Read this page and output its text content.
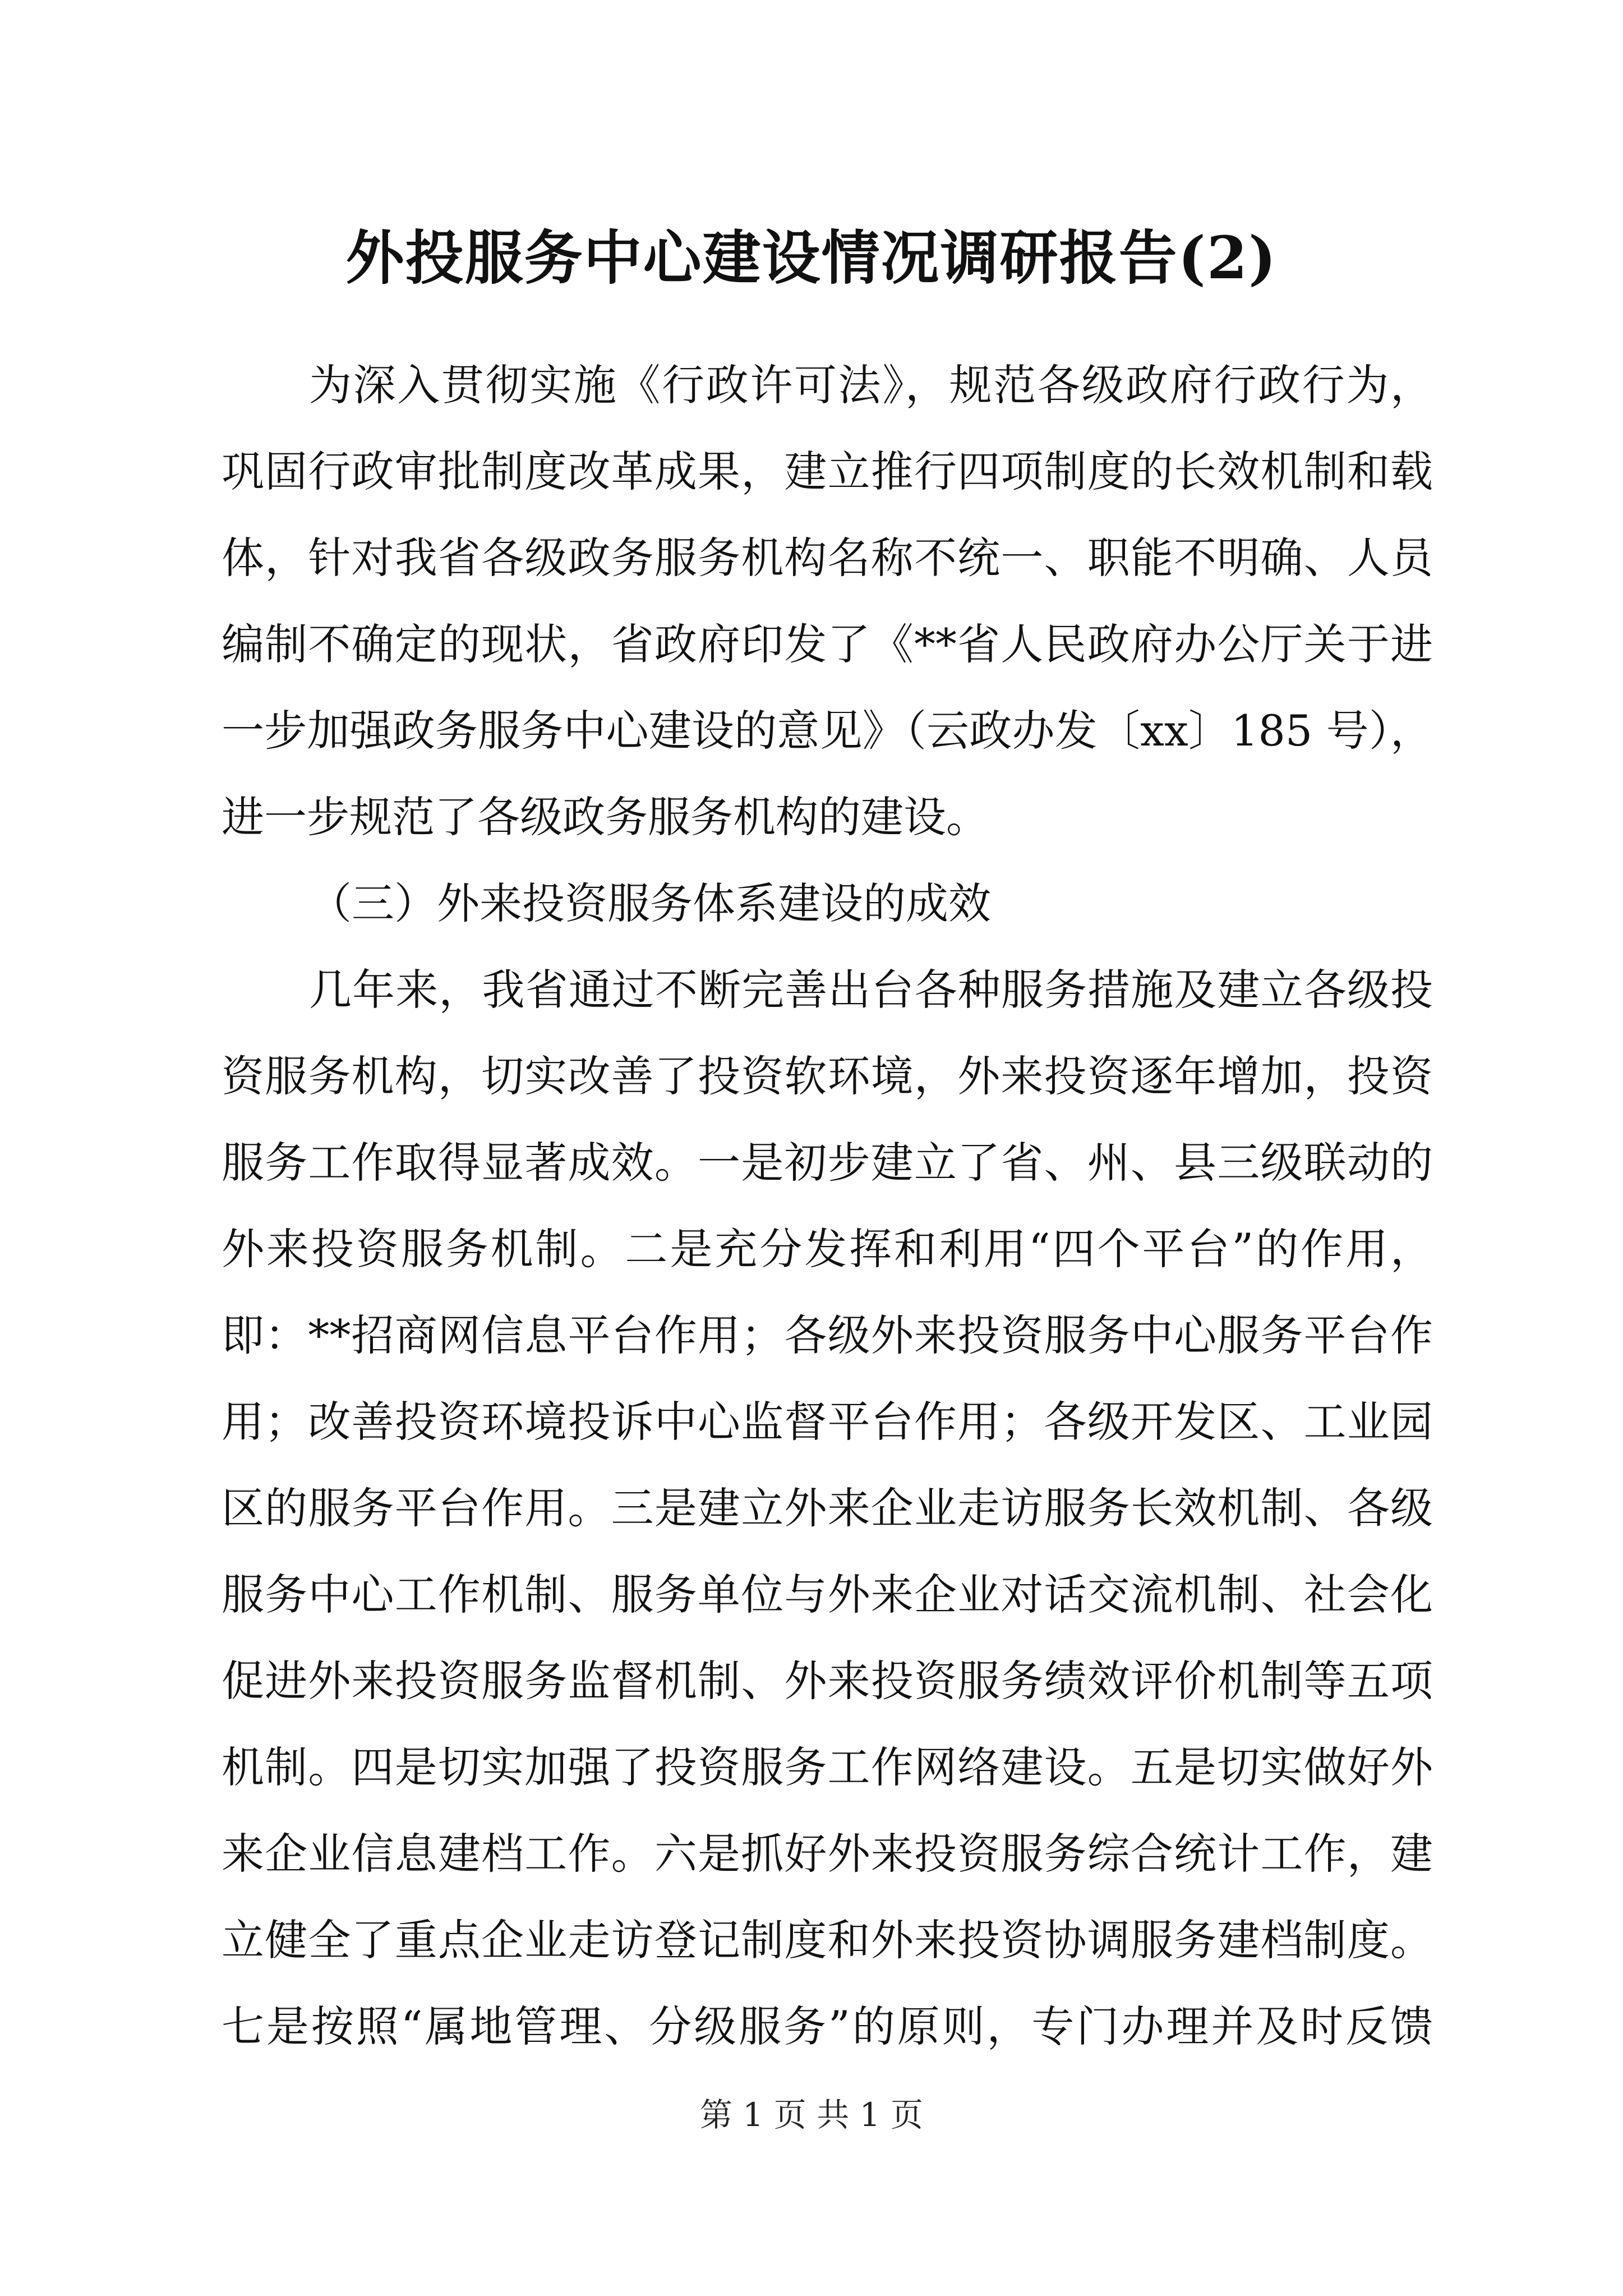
外投服务中心建设情况调研报告(2)
为深入贯彻实施《行政许可法》，规范各级政府行政行为，
巩固行政审批制度改革成果，建立推行四项制度的长效机制和载
体，针对我省各级政务服务机构名称不统一、职能不明确、人员
编制不确定的现状，省政府印发了《**省人民政府办公厅关于进
一步加强政务服务中心建设的意见》（云政办发〔xx〕185 号），
进一步规范了各级政务服务机构的建设。
（三）外来投资服务体系建设的成效
几年来，我省通过不断完善出台各种服务措施及建立各级投
资服务机构，切实改善了投资软环境，外来投资逐年增加，投资
服务工作取得显著成效。一是初步建立了省、州、县三级联动的
外来投资服务机制。二是充分发挥和利用“四个平台”的作用，
即：**招商网信息平台作用；各级外来投资服务中心服务平台作
用；改善投资环境投诉中心监督平台作用；各级开发区、工业园
区的服务平台作用。三是建立外来企业走访服务长效机制、各级
服务中心工作机制、服务单位与外来企业对话交流机制、社会化
促进外来投资服务监督机制、外来投资服务绩效评价机制等五项
机制。四是切实加强了投资服务工作网络建设。五是切实做好外
来企业信息建档工作。六是抓好外来投资服务综合统计工作，建
立健全了重点企业走访登记制度和外来投资协调服务建档制度。
七是按照“属地管理、分级服务”的原则，专门办理并及时反馈
第 1 页 共 1 页
